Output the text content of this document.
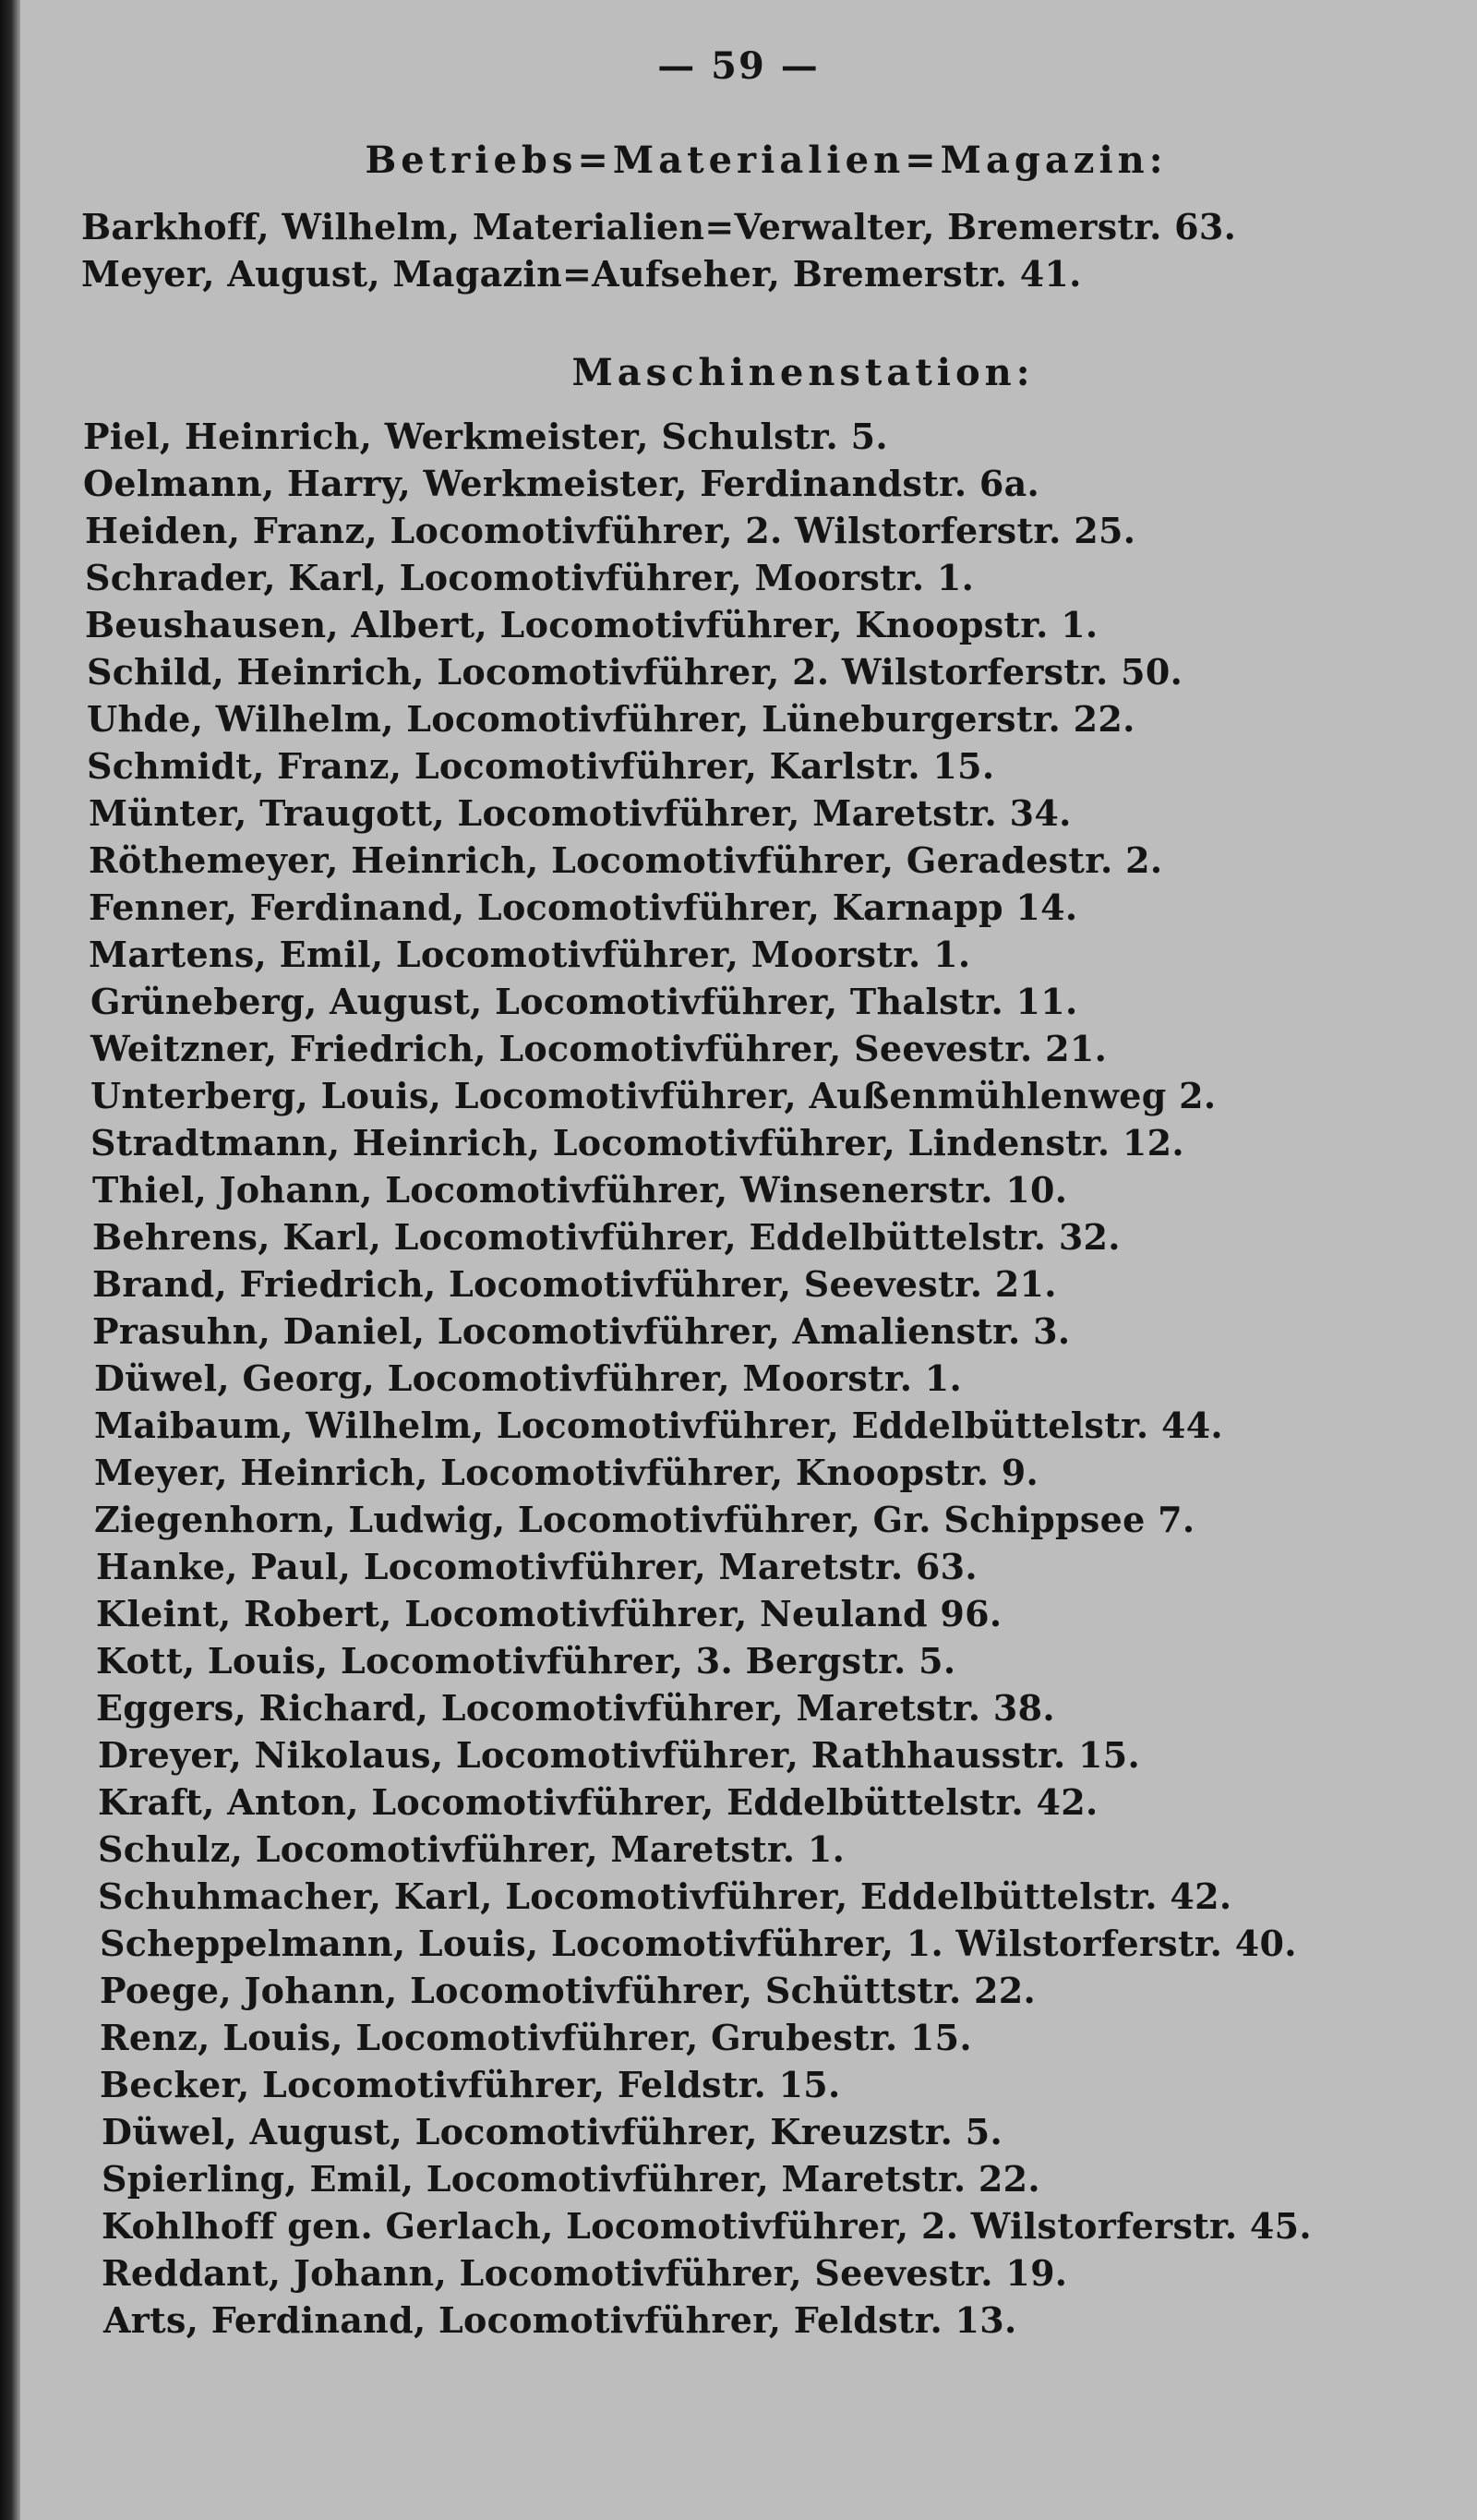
— 59 —
Betriebs=Materialien=Magazin:
Barkhoff, Wilhelm, Materialien=Verwalter, Bremerstr. 63.
Meyer, August, Magazin=Aufseher, Bremerstr. 41.
Maschinenstation:
Piel, Heinrich, Werkmeister, Schulstr. 5.
Oelmann, Harry, Werkmeister, Ferdinandstr. 6a.
Heiden, Franz, Locomotivführer, 2. Wilstorferstr. 25.
Schrader, Karl, Locomotivführer, Moorstr. 1.
Beushausen, Albert, Locomotivführer, Knoopstr. 1.
Schild, Heinrich, Locomotivführer, 2. Wilstorferstr. 50.
Uhde, Wilhelm, Locomotivführer, Lüneburgerstr. 22.
Schmidt, Franz, Locomotivführer, Karlstr. 15.
Münter, Traugott, Locomotivführer, Maretstr. 34.
Röthemeyer, Heinrich, Locomotivführer, Geradestr. 2.
Fenner, Ferdinand, Locomotivführer, Karnapp 14.
Martens, Emil, Locomotivführer, Moorstr. 1.
Grüneberg, August, Locomotivführer, Thalstr. 11.
Weitzner, Friedrich, Locomotivführer, Seevestr. 21.
Unterberg, Louis, Locomotivführer, Außenmühlenweg 2.
Stradtmann, Heinrich, Locomotivführer, Lindenstr. 12.
Thiel, Johann, Locomotivführer, Winsenerstr. 10.
Behrens, Karl, Locomotivführer, Eddelbüttelstr. 32.
Brand, Friedrich, Locomotivführer, Seevestr. 21.
Prasuhn, Daniel, Locomotivführer, Amalienstr. 3.
Düwel, Georg, Locomotivführer, Moorstr. 1.
Maibaum, Wilhelm, Locomotivführer, Eddelbüttelstr. 44.
Meyer, Heinrich, Locomotivführer, Knoopstr. 9.
Ziegenhorn, Ludwig, Locomotivführer, Gr. Schippsee 7.
Hanke, Paul, Locomotivführer, Maretstr. 63.
Kleint, Robert, Locomotivführer, Neuland 96.
Kott, Louis, Locomotivführer, 3. Bergstr. 5.
Eggers, Richard, Locomotivführer, Maretstr. 38.
Dreyer, Nikolaus, Locomotivführer, Rathhausstr. 15.
Kraft, Anton, Locomotivführer, Eddelbüttelstr. 42.
Schulz, Locomotivführer, Maretstr. 1.
Schuhmacher, Karl, Locomotivführer, Eddelbüttelstr. 42.
Scheppelmann, Louis, Locomotivführer, 1. Wilstorferstr. 40.
Poege, Johann, Locomotivführer, Schüttstr. 22.
Renz, Louis, Locomotivführer, Grubestr. 15.
Becker, Locomotivführer, Feldstr. 15.
Düwel, August, Locomotivführer, Kreuzstr. 5.
Spierling, Emil, Locomotivführer, Maretstr. 22.
Kohlhoff gen. Gerlach, Locomotivführer, 2. Wilstorferstr. 45.
Reddant, Johann, Locomotivführer, Seevestr. 19.
Arts, Ferdinand, Locomotivführer, Feldstr. 13.
